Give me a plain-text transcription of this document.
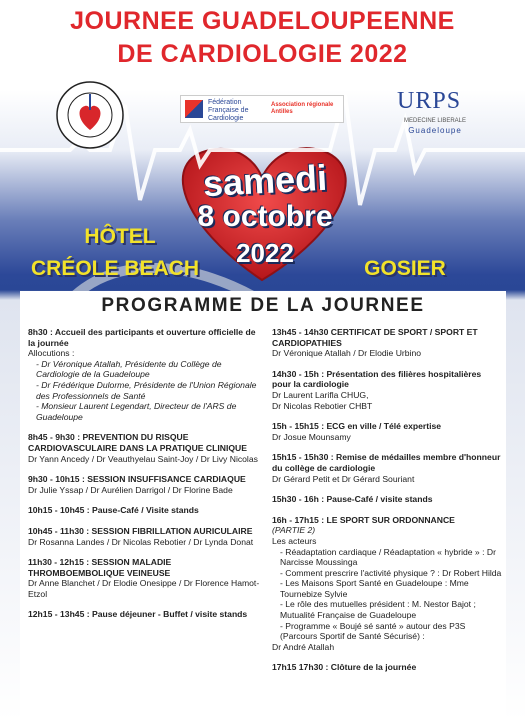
JOURNEE GUADELOUPEENNE
DE CARDIOLOGIE 2022
Fédération
Française de
Cardiologie
Association régionale
Antilles	URPS
MEDECINE LIBERALE
Guadeloupe
samedi
8 octobre
2022
HÔTEL
CRÉOLE BEACH	GOSIER
PROGRAMME DE LA JOURNEE
8h30 : Accueil des participants et ouverture officielle de la journée
Allocutions :
- Dr Véronique Atallah, Présidente du Collège de Cardiologie de la Guadeloupe
- Dr Frédérique Dulorme, Présidente de l'Union Régionale des Professionnels de Santé
- Monsieur Laurent Legendart, Directeur de l'ARS de Guadeloupe
8h45 - 9h30 : PREVENTION DU RISQUE CARDIOVASCULAIRE DANS LA PRATIQUE CLINIQUE
Dr Yann Ancedy / Dr Veauthyelau Saint-Joy / Dr Livy Nicolas
9h30 - 10h15 : SESSION INSUFFISANCE CARDIAQUE
Dr Julie Yssap / Dr Aurélien Darrigol / Dr Florine Bade
10h15 - 10h45 : Pause-Café / Visite stands
10h45 - 11h30 : SESSION FIBRILLATION AURICULAIRE
Dr Rosanna Landes / Dr Nicolas Rebotier / Dr Lynda Donat
11h30 - 12h15 : SESSION MALADIE THROMBOEMBOLIQUE VEINEUSE
Dr Anne Blanchet / Dr Elodie Onesippe / Dr Florence Hamot-Etzol
12h15 - 13h45 : Pause déjeuner - Buffet / visite stands
13h45 - 14h30 CERTIFICAT DE SPORT / SPORT ET CARDIOPATHIES
Dr Véronique Atallah / Dr Elodie Urbino
14h30 - 15h : Présentation des filières hospitalières pour la cardiologie
Dr Laurent Larifla CHUG,
Dr Nicolas Rebotier CHBT
15h - 15h15 : ECG en ville / Télé expertise
Dr Josue Mounsamy
15h15 - 15h30 : Remise de médailles membre d'honneur du collège de cardiologie
Dr Gérard Petit et Dr Gérard Souriant
15h30 - 16h : Pause-Café / visite stands
16h - 17h15 : LE SPORT SUR ORDONNANCE
(PARTIE 2)
Les acteurs
- Réadaptation cardiaque / Réadaptation « hybride » : Dr Narcisse Moussinga
- Comment prescrire l'activité physique ? : Dr Robert Hilda
- Les Maisons Sport Santé en Guadeloupe : Mme Tournebize Sylvie
- Le rôle des mutuelles président : M. Nestor Bajot ; Mutualité Française de Guadeloupe
- Programme « Boujé sé santé » autour des P3S (Parcours Sportif de Santé Sécurisé) :
Dr André Atallah
17h15 17h30 : Clôture de la journée
